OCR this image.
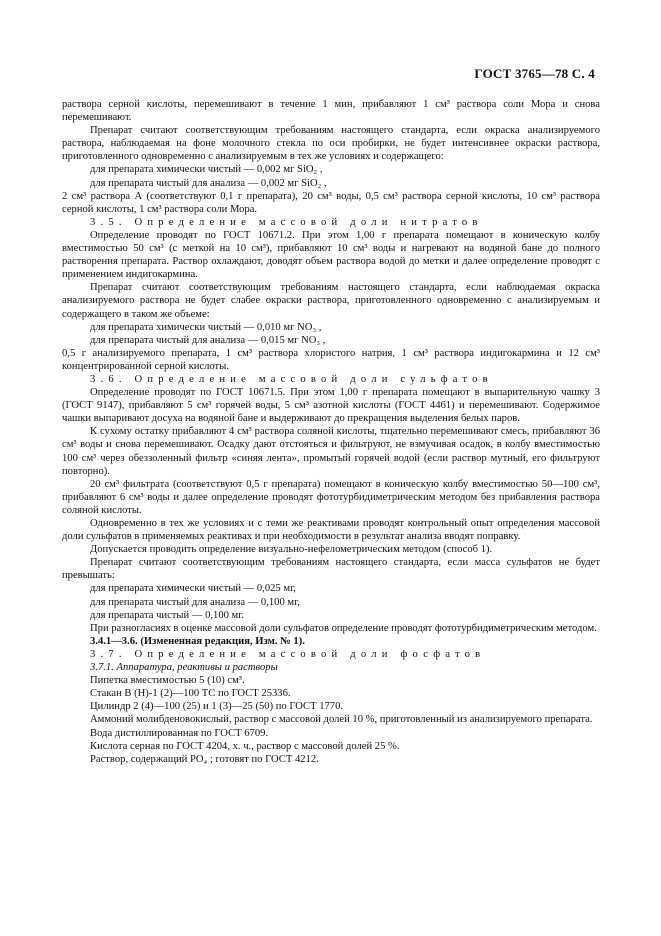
ГОСТ 3765—78 С. 4

раствора серной кислоты, перемешивают в течение 1 мин, прибавляют 1 см³ раствора соли Мора и снова перемешивают.

Препарат считают соответствующим требованиям настоящего стандарта, если окраска анализируемого раствора, наблюдаемая на фоне молочного стекла по оси пробирки, не будет интенсивнее окраски раствора, приготовленного одновременно с анализируемым в тех же условиях и содержащего:

для препарата химически чистый — 0,002 мг SiO₂ ,

для препарата чистый для анализа — 0,002 мг SiO₂ ,

2 см³ раствора А (соответствуют 0,1 г препарата), 20 см³ воды, 0,5 см³ раствора серной кислоты, 10 см³ раствора серной кислоты, 1 см³ раствора соли Мора.

3.5. Определение массовой доли нитратов

Определение проводят по ГОСТ 10671.2. При этом 1,00 г препарата помещают в коническую колбу вместимостью 50 см³ (с меткой на 10 см³), прибавляют 10 см³ воды и нагревают на водяной бане до полного растворения препарата. Раствор охлаждают, доводят объем раствора водой до метки и далее определение проводят с применением индигокармина.

Препарат считают соответствующим требованиям настоящего стандарта, если наблюдаемая окраска анализируемого раствора не будет слабее окраски раствора, приготовленного одновременно с анализируемым и содержащего в таком же объеме:

для препарата химически чистый — 0,010 мг NO₃ ,

для препарата чистый для анализа — 0,015 мг NO₃ ,

0,5 г анализируемого препарата, 1 см³ раствора хлористого натрия, 1 см³ раствора индигокармина и 12 см³ концентрированной серной кислоты.

3.6. Определение массовой доли сульфатов

Определение проводят по ГОСТ 10671.5. При этом 1,00 г препарата помещают в выпарительную чашку 3 (ГОСТ 9147), прибавляют 5 см³ горячей воды, 5 см³ азотной кислоты (ГОСТ 4461) и перемешивают. Содержимое чашки выпаривают досуха на водяной бане и выдерживают до прекращения выделения белых паров.

К сухому остатку прибавляют 4 см³ раствора соляной кислоты, тщательно перемешивают смесь, прибавляют 36 см³ воды и снова перемешивают. Осадку дают отстояться и фильтруют, не взмучивая осадок, в колбу вместимостью 100 см³ через обеззоленный фильтр «синяя лента», промытый горячей водой (если раствор мутный, его фильтруют повторно).

20 см³ фильтрата (соответствуют 0,5 г препарата) помещают в коническую колбу вместимостью 50—100 см³, прибавляют 6 см³ воды и далее определение проводят фототурбидиметрическим методом без прибавления раствора соляной кислоты.

Одновременно в тех же условиях и с теми же реактивами проводят контрольный опыт определения массовой доли сульфатов в применяемых реактивах и при необходимости в результат анализа вводят поправку.

Допускается проводить определение визуально-нефелометрическим методом (способ 1).

Препарат считают соответствующим требованиям настоящего стандарта, если масса сульфатов не будет превышать:

для препарата химически чистый — 0,025 мг,

для препарата чистый для анализа — 0,100 мг,

для препарата чистый — 0,100 мг.

При разногласиях в оценке массовой доли сульфатов определение проводят фототурбидиметрическим методом.

3.4.1—3.6. (Измененная редакция, Изм. № 1).

3.7. Определение массовой доли фосфатов

3.7.1. Аппаратура, реактивы и растворы

Пипетка вместимостью 5 (10) см³.

Стакан В (Н)-1 (2)—100 ТС по ГОСТ 25336.

Цилиндр 2 (4)—100 (25) и 1 (3)—25 (50) по ГОСТ 1770.

Аммоний молибденовокислый, раствор с массовой долей 10 %, приготовленный из анализируемого препарата.

Вода дистиллированная по ГОСТ 6709.

Кислота серная по ГОСТ 4204, х. ч., раствор с массовой долей 25 %.

Раствор, содержащий PO₄ ; готовят по ГОСТ 4212.
